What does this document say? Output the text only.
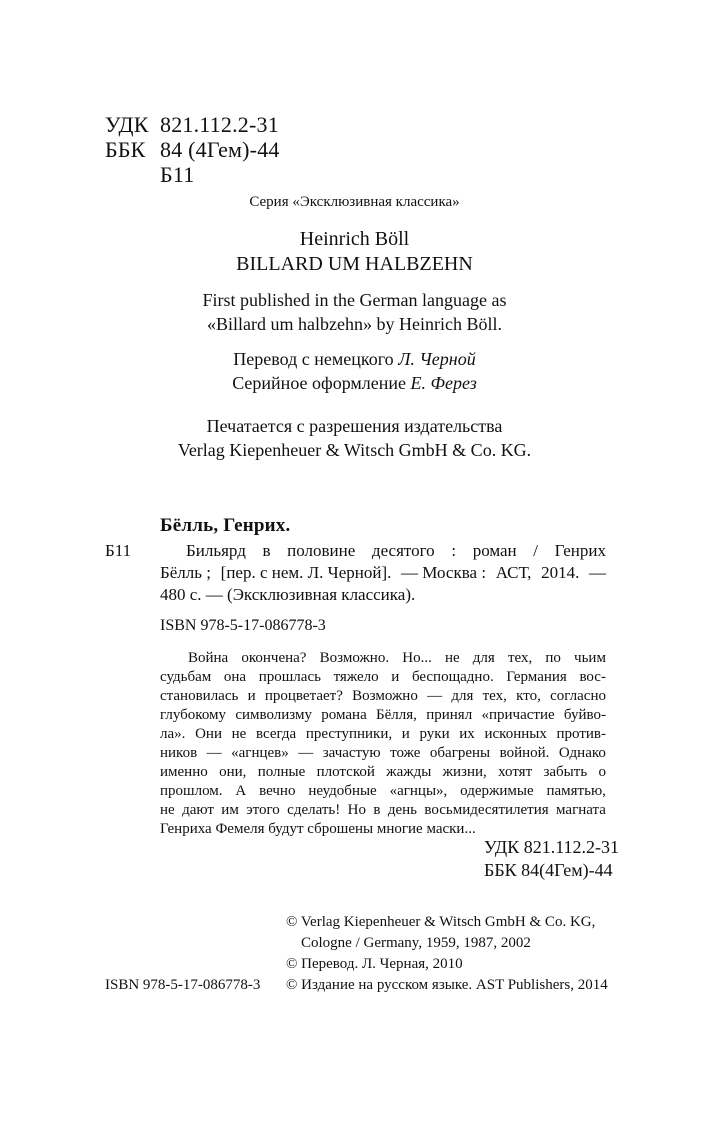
УДК 821.112.2-31
ББК 84 (4Гем)-44
Б11
Серия «Эксклюзивная классика»
Heinrich Böll
BILLARD UM HALBZEHN
First published in the German language as
«Billard um halbzehn» by Heinrich Böll.
Перевод с немецкого Л. Черной
Серийное оформление Е. Ферез
Печатается с разрешения издательства
Verlag Kiepenheuer & Witsch GmbH & Co. KG.
Бёлль, Генрих.
Б11	Бильярд в половине десятого : роман / Генрих
Бёлль ; [пер. с нем. Л. Черной]. — Москва : АСТ, 2014. —
480 с. — (Эксклюзивная классика).
ISBN 978-5-17-086778-3
Война окончена? Возможно. Но... не для тех, по чьим
судьбам она прошлась тяжело и беспощадно. Германия вос-
становилась и процветает? Возможно — для тех, кто, согласно
глубокому символизму романа Бёлля, принял «причастие буйво-
ла». Они не всегда преступники, и руки их исконных против-
ников — «агнцев» — зачастую тоже обагрены войной. Однако
именно они, полные плотской жажды жизни, хотят забыть о
прошлом. А вечно неудобные «агнцы», одержимые памятью,
не дают им этого сделать! Но в день восьмидесятилетия магната
Генриха Фемеля будут сброшены многие маски...
УДК 821.112.2-31
ББК 84(4Гем)-44
© Verlag Kiepenheuer & Witsch GmbH & Co. KG,
Cologne / Germany, 1959, 1987, 2002
© Перевод. Л. Черная, 2010
ISBN 978-5-17-086778-3 © Издание на русском языке. AST Publishers, 2014
